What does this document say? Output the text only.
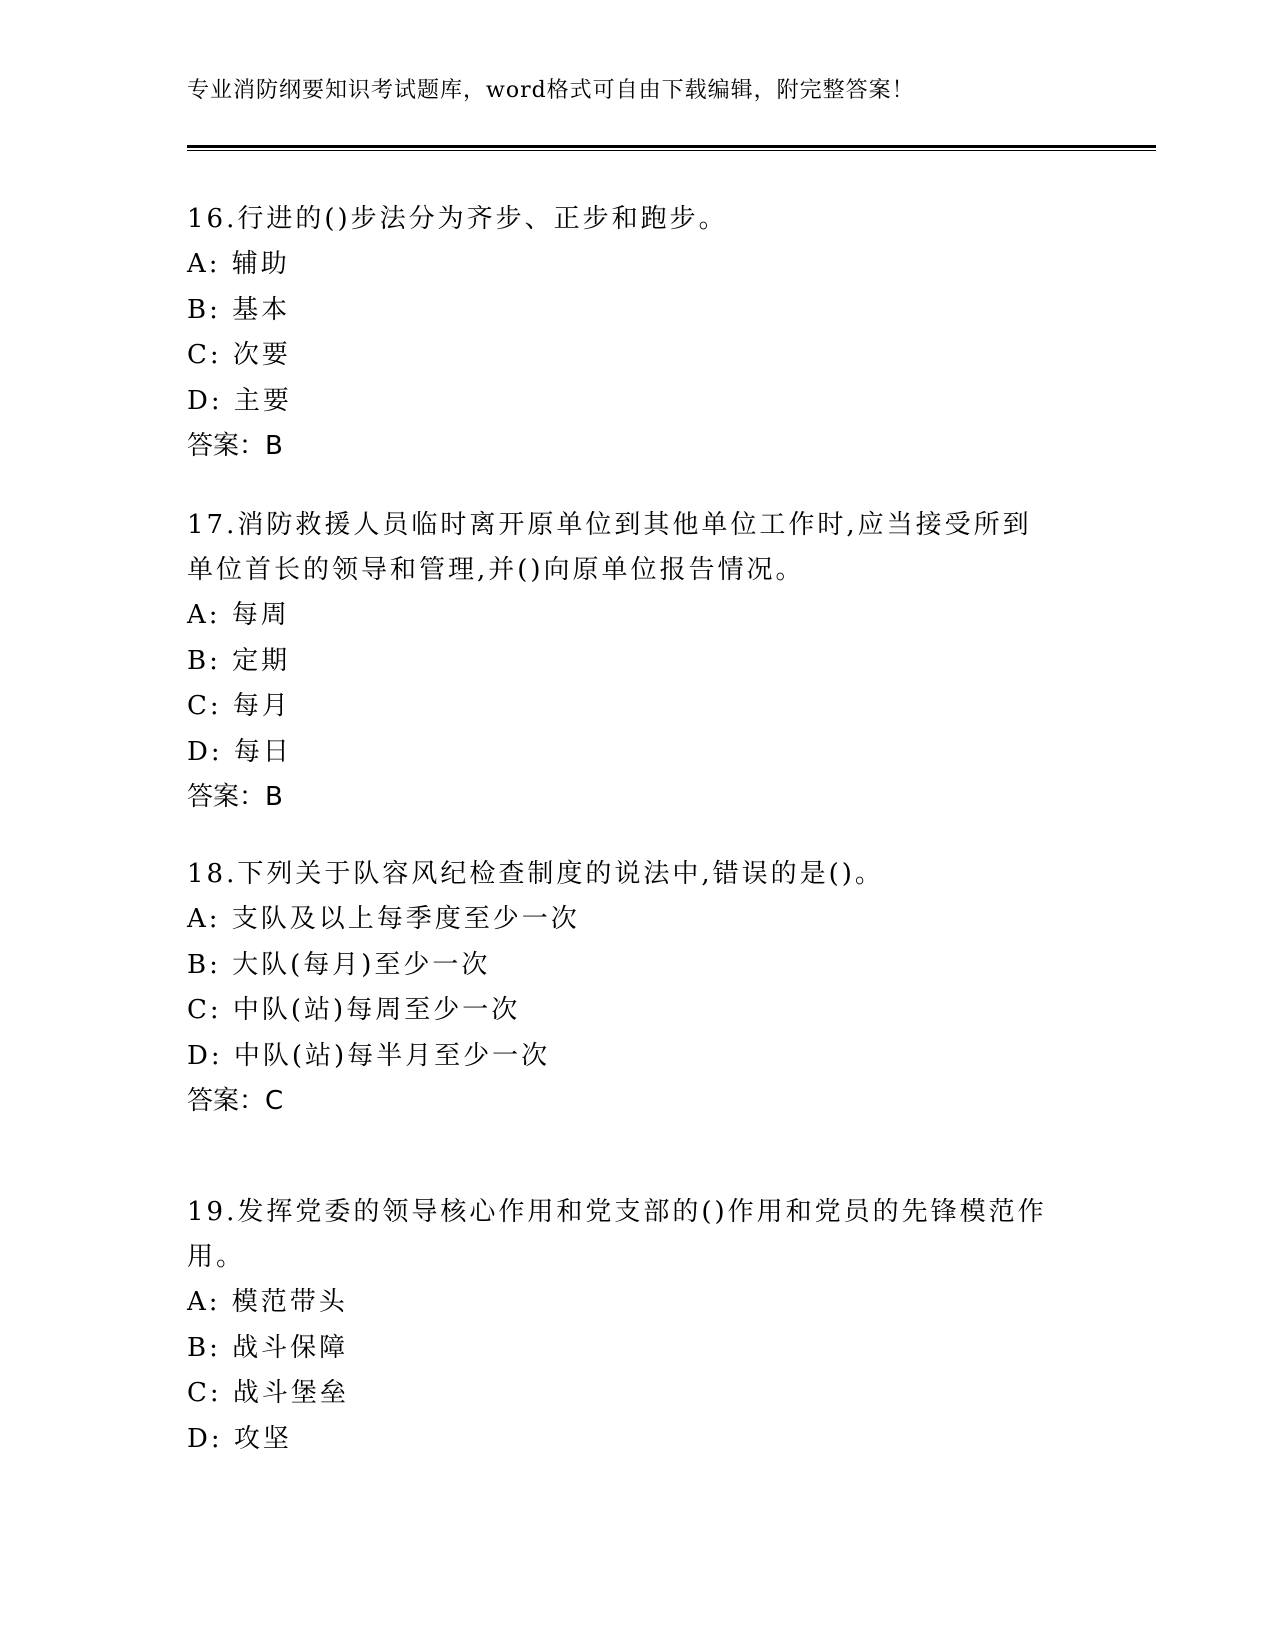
专业消防纲要知识考试题库，word格式可自由下载编辑，附完整答案！

16.行进的()步法分为齐步、正步和跑步。

A: 辅助

B: 基本

C: 次要

D: 主要

答案：B

17.消防救援人员临时离开原单位到其他单位工作时,应当接受所到单位首长的领导和管理,并()向原单位报告情况。

A: 每周

B: 定期

C: 每月

D: 每日

答案：B

18.下列关于队容风纪检查制度的说法中,错误的是()。

A: 支队及以上每季度至少一次

B: 大队(每月)至少一次

C: 中队(站)每周至少一次

D: 中队(站)每半月至少一次

答案：C

19.发挥党委的领导核心作用和党支部的()作用和党员的先锋模范作用。

A: 模范带头

B: 战斗保障

C: 战斗堡垒

D: 攻坚
